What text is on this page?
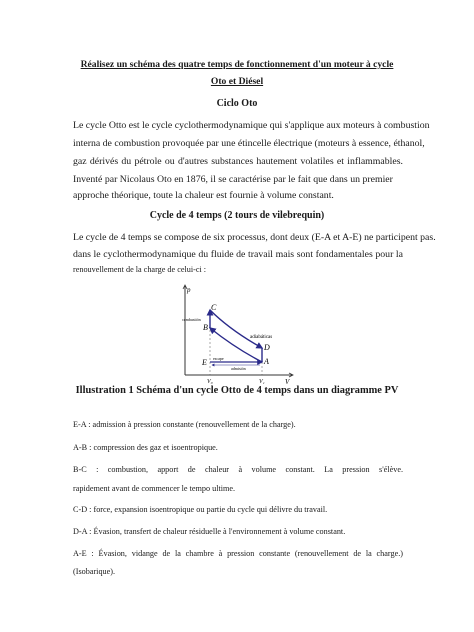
Réalisez un schéma des quatre temps de fonctionnement d'un moteur à cycle

Oto et Diésel

Ciclo Oto

Le cycle Otto est le cycle cyclothermodynamique qui s'applique aux moteurs à combustion

interna de combustion provoquée par une étincelle électrique (moteurs à essence, éthanol,

gaz dérivés du pétrole ou d'autres substances hautement volatiles et inflammables.

Inventé par Nicolaus Oto en 1876, il se caractérise par le fait que dans un premier

approche théorique, toute la chaleur est fournie à volume constant.

Cycle de 4 temps (2 tours de vilebrequin)

Le cycle de 4 temps se compose de six processus, dont deux (E-A et A-E) ne participent pas.

dans le cyclothermodynamique du fluide de travail mais sont fondamentales pour la

renouvellement de la charge de celui-ci :

p
V
C
B
D
A
E
combustión
adiabáticas
escape
admisión
V₀	V₁

Illustration 1 Schéma d'un cycle Otto de 4 temps dans un diagramme PV

E-A : admission à pression constante (renouvellement de la charge).

A-B : compression des gaz et isoentropique.

B-C : combustion, apport de chaleur à volume constant. La pression s'élève.

rapidement avant de commencer le tempo ultime.

C-D : force, expansion isoentropique ou partie du cycle qui délivre du travail.

D-A : Évasion, transfert de chaleur résiduelle à l'environnement à volume constant.

A-E : Évasion, vidange de la chambre à pression constante (renouvellement de la charge.)

(Isobarique).
